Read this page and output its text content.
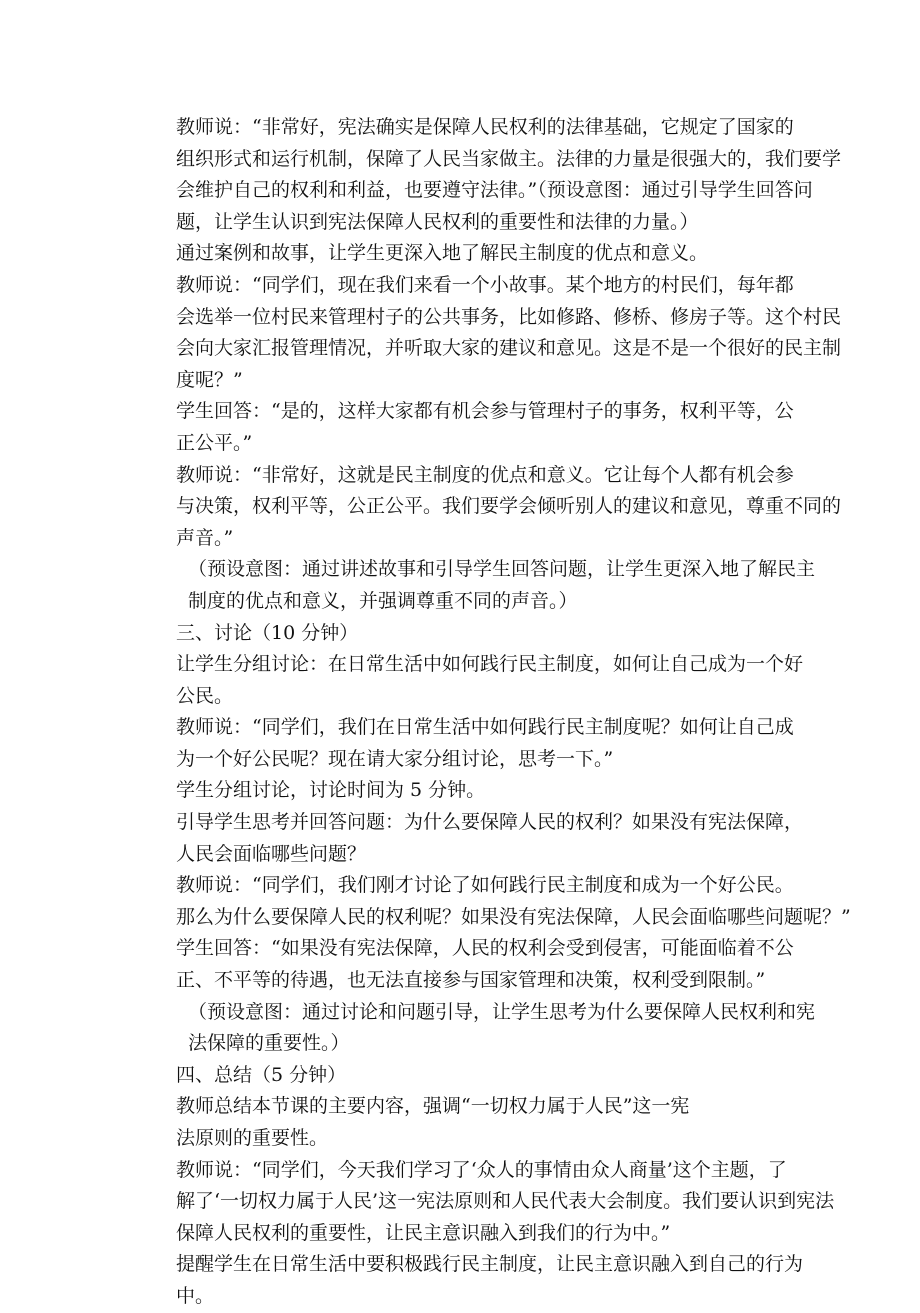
教师说：“非常好，宪法确实是保障人民权利的法律基础，它规定了国家的
组织形式和运行机制，保障了人民当家做主。法律的力量是很强大的，我们要学
会维护自己的权利和利益，也要遵守法律。”（预设意图：通过引导学生回答问
题，让学生认识到宪法保障人民权利的重要性和法律的力量。）
通过案例和故事，让学生更深入地了解民主制度的优点和意义。
教师说：“同学们，现在我们来看一个小故事。某个地方的村民们，每年都
会选举一位村民来管理村子的公共事务，比如修路、修桥、修房子等。这个村民
会向大家汇报管理情况，并听取大家的建议和意见。这是不是一个很好的民主制
度呢？”
学生回答：“是的，这样大家都有机会参与管理村子的事务，权利平等，公
正公平。”
教师说：“非常好，这就是民主制度的优点和意义。它让每个人都有机会参
与决策，权利平等，公正公平。我们要学会倾听别人的建议和意见，尊重不同的
声音。”
（预设意图：通过讲述故事和引导学生回答问题，让学生更深入地了解民主
制度的优点和意义，并强调尊重不同的声音。）
三、讨论（10 分钟）
让学生分组讨论：在日常生活中如何践行民主制度，如何让自己成为一个好
公民。
教师说：“同学们，我们在日常生活中如何践行民主制度呢？如何让自己成
为一个好公民呢？现在请大家分组讨论，思考一下。”
学生分组讨论，讨论时间为 5 分钟。
引导学生思考并回答问题：为什么要保障人民的权利？如果没有宪法保障，
人民会面临哪些问题？
教师说：“同学们，我们刚才讨论了如何践行民主制度和成为一个好公民。
那么为什么要保障人民的权利呢？如果没有宪法保障，人民会面临哪些问题呢？”
学生回答：“如果没有宪法保障，人民的权利会受到侵害，可能面临着不公
正、不平等的待遇，也无法直接参与国家管理和决策，权利受到限制。”
（预设意图：通过讨论和问题引导，让学生思考为什么要保障人民权利和宪
法保障的重要性。）
四、总结（5 分钟）
教师总结本节课的主要内容，强调“一切权力属于人民”这一宪
法原则的重要性。
教师说：“同学们，今天我们学习了‘众人的事情由众人商量’这个主题，了
解了‘一切权力属于人民’这一宪法原则和人民代表大会制度。我们要认识到宪法
保障人民权利的重要性，让民主意识融入到我们的行为中。”
提醒学生在日常生活中要积极践行民主制度，让民主意识融入到自己的行为
中。
